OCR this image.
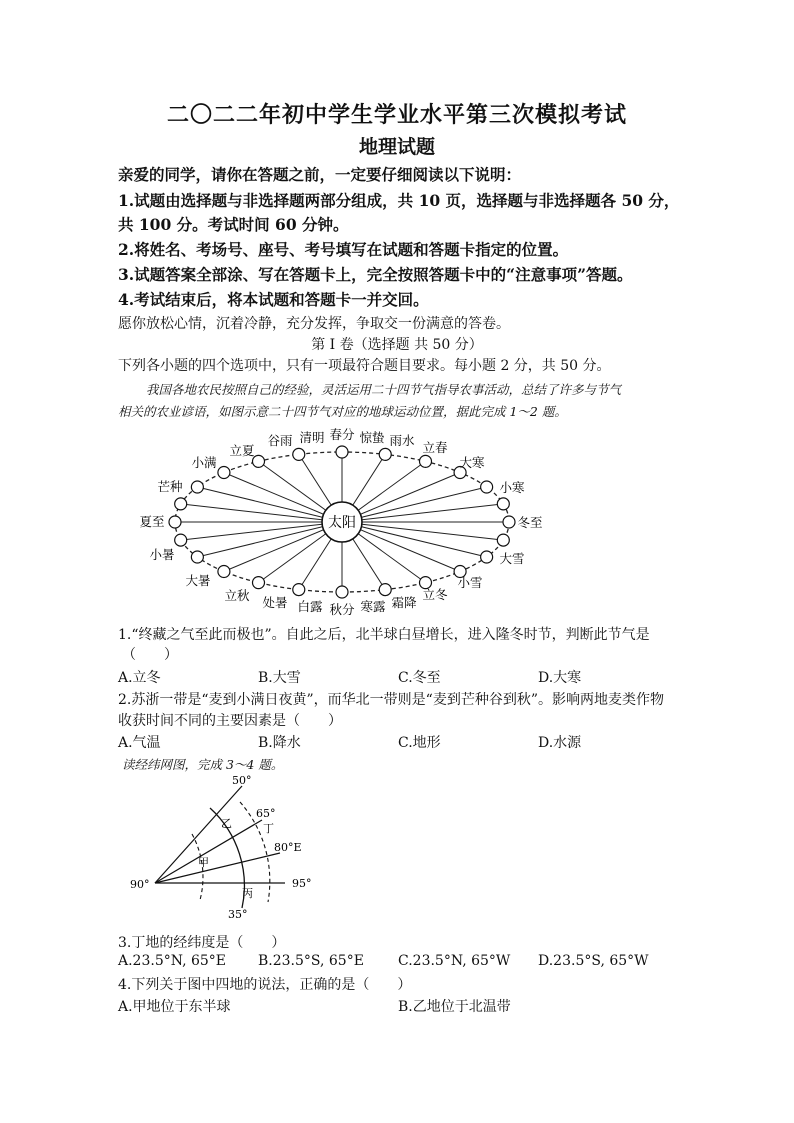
二〇二二年初中学生学业水平第三次模拟考试
地理试题
亲爱的同学，请你在答题之前，一定要仔细阅读以下说明：
1.试题由选择题与非选择题两部分组成，共 10 页，选择题与非选择题各 50 分，
共 100 分。考试时间 60 分钟。
2.将姓名、考场号、座号、考号填写在试题和答题卡指定的位置。
3.试题答案全部涂、写在答题卡上，完全按照答题卡中的“注意事项”答题。
4.考试结束后，将本试题和答题卡一并交回。
愿你放松心情，沉着冷静，充分发挥，争取交一份满意的答卷。
第 I 卷（选择题 共 50 分）
下列各小题的四个选项中，只有一项最符合题目要求。每小题 2 分，共 50 分。
我国各地农民按照自己的经验，灵活运用二十四节气指导农事活动，总结了许多与节气
相关的农业谚语，如图示意二十四节气对应的地球运动位置，据此完成 1～2 题。
太阳
立夏
谷雨 清明 春分 惊蛰 雨水 立春
立秋 处暑 白露 秋分 寒露 霜降
立冬
小满
芒种
夏至
小暑
大暑
大寒
小寒
冬至
大雪
小雪
1.“终藏之气至此而极也”。自此之后，北半球白昼增长，进入隆冬时节，判断此节气是
（　　）
A.立冬	B.大雪	C.冬至	D.大寒
2.苏浙一带是“麦到小满日夜黄”，而华北一带则是“麦到芒种谷到秋”。影响两地麦类作物
收获时间不同的主要因素是（　　）
A.气温	B.降水	C.地形	D.水源
读经纬网图，完成 3～4 题。
50°
65°
80°E
95°
90°
35°
甲
乙
丙
丁
3.丁地的经纬度是（　　）
A.23.5°N, 65°E B.23.5°S, 65°E C.23.5°N, 65°W D.23.5°S, 65°W
4.下列关于图中四地的说法，正确的是（　　）
A.甲地位于东半球	B.乙地位于北温带
